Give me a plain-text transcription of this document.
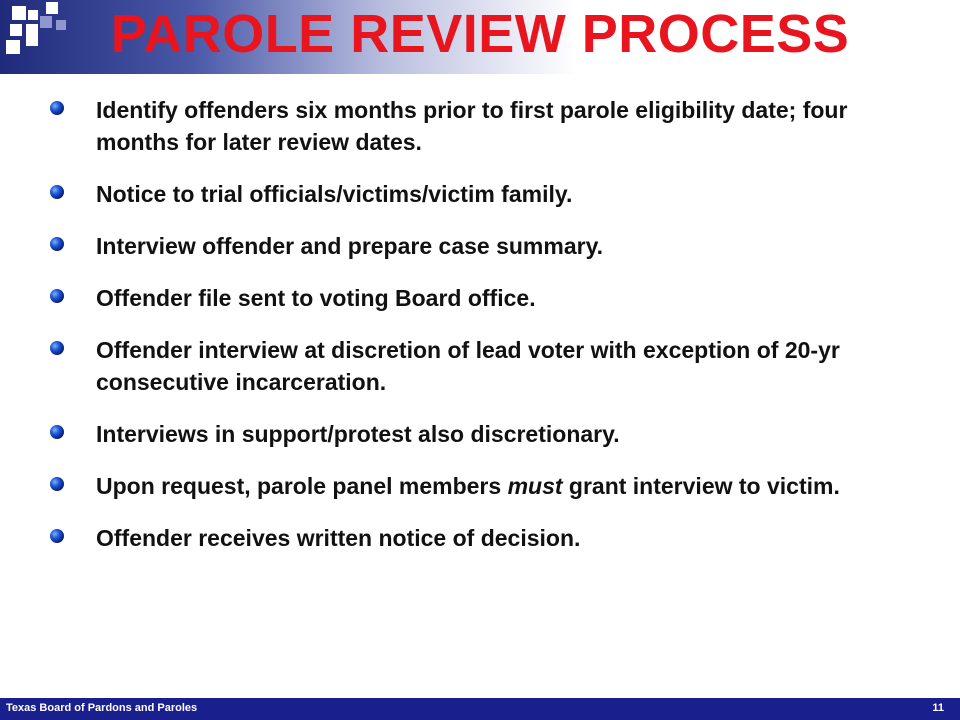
PAROLE REVIEW PROCESS
Identify offenders six months prior to first parole eligibility date; four months for later review dates.
Notice to trial officials/victims/victim family.
Interview offender and prepare case summary.
Offender file sent to voting Board office.
Offender interview at discretion of lead voter with exception of 20-yr consecutive incarceration.
Interviews in support/protest also discretionary.
Upon request, parole panel members must grant interview to victim.
Offender receives written notice of decision.
Texas Board of Pardons and Paroles	11
